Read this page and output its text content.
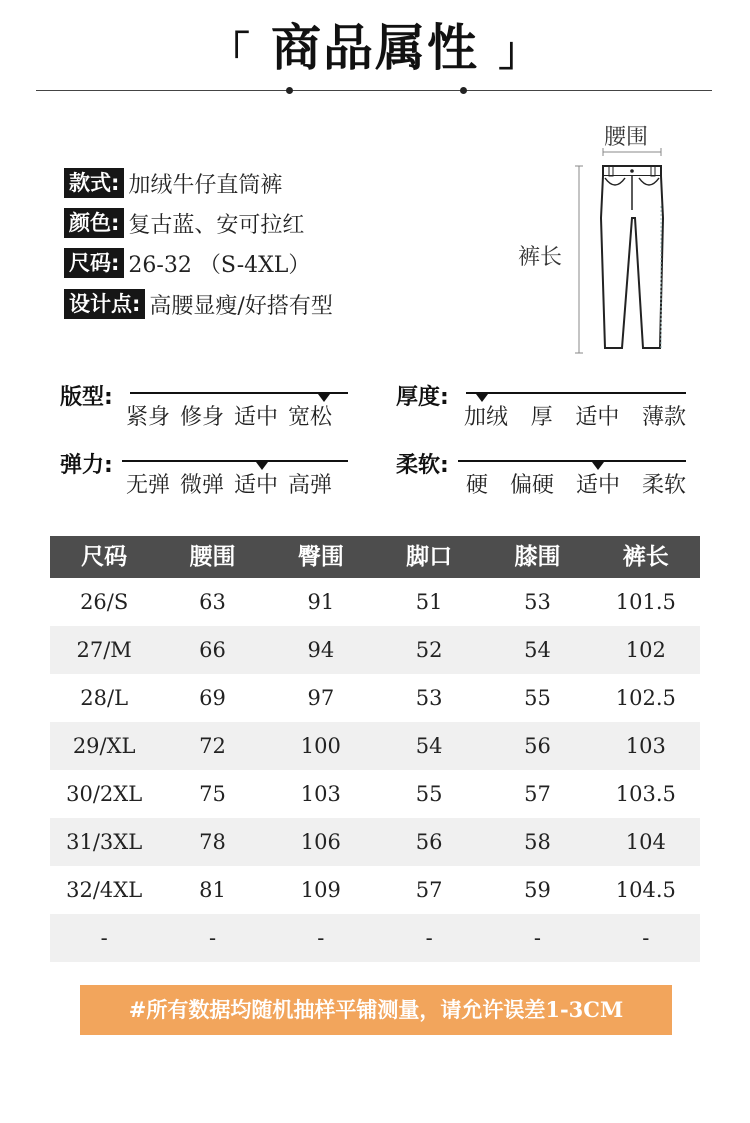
「 商品属性 」
款式: 加绒牛仔直筒裤
颜色: 复古蓝、安可拉红
尺码: 26-32 （S-4XL）
设计点: 高腰显瘦/好搭有型
腰围
裤长
版型:
紧身 修身 适中 宽松
厚度:
加绒 厚 适中 薄款
弹力:
无弹 微弹 适中 高弹
柔软:
硬 偏硬 适中 柔软
尺码	腰围	臀围	脚口	膝围	裤长
26/S	63	91	51	53	101.5
27/M	66	94	52	54	102
28/L	69	97	53	55	102.5
29/XL	72	100	54	56	103
30/2XL	75	103	55	57	103.5
31/3XL	78	106	56	58	104
32/4XL	81	109	57	59	104.5
-	-	-	-	-	-
#所有数据均随机抽样平铺测量，请允许误差1-3CM
